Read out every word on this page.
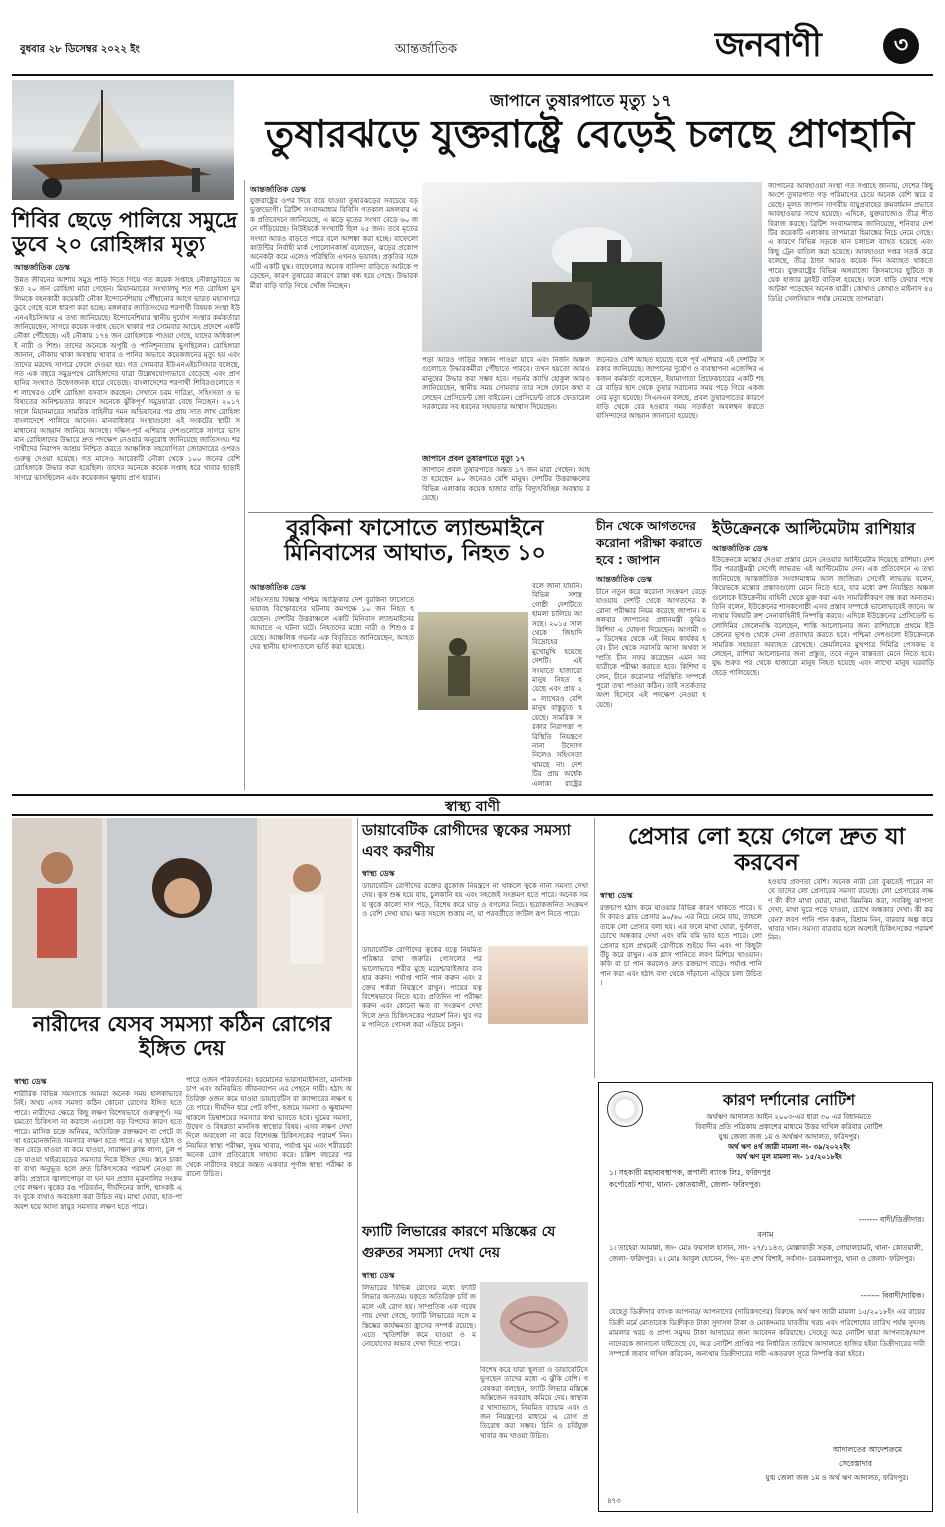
বুধবার ২৮ ডিসেম্বর ২০২২ ইং	আন্তর্জাতিক	জনবাণী	৩
জাপানে তুষারপাতে মৃত্যু ১৭
তুষারঝড়ে যুক্তরাষ্ট্রে বেড়েই চলছে প্রাণহানি
শিবির ছেড়ে পালিয়ে সমুদ্রে ডুবে ২০ রোহিঙ্গার মৃত্যু
আন্তর্জাতিক ডেস্ক
উন্নত জীবনের আশায় সমুদ্র পাড়ি দিতে গিয়ে গত কয়েক সপ্তাহে নৌকাডুবিতে অন্তত ২০ জন রোহিঙ্গা মারা গেছেন। মিয়ানমারের সংখ্যালঘু শত শত রোহিঙ্গা মুসলিমকে বহনকারী কয়েকটি নৌকা ইন্দোনেশিয়ায় পৌঁছানোর আগে ভারত মহাসাগরে ডুবে গেছে বলে ধারণা করা হচ্ছে। মঙ্গলবার জাতিসংঘের শরণার্থী বিষয়ক সংস্থা ইউএনএইচসিআর এ তথ্য জানিয়েছে। ইন্দোনেশিয়ার স্থানীয় দুর্যোগ সংস্থার কর্মকর্তারা জানিয়েছেন, সাগরে কয়েক সপ্তাহ ভেসে থাকার পর সোমবার আচেহ প্রদেশে একটি নৌকা পৌঁছেছে। এই নৌকায় ১৭৪ জন রোহিঙ্গাকে পাওয়া গেছে, যাদের অধিকাংশই নারী ও শিশু। তাদের অনেকে অপুষ্টি ও পানিশূন্যতায় ভুগছিলেন। রোহিঙ্গারা জানান, নৌকায় থাকা অবস্থায় খাবার ও পানির অভাবে কয়েকজনের মৃত্যু হয় এবং তাদের মরদেহ সাগরে ফেলে দেওয়া হয়। গত সোমবার ইউএনএইচসিআর বলেছে, গত এক বছরে সমুদ্রপথে রোহিঙ্গাদের যাত্রা উল্লেখযোগ্যভাবে বেড়েছে এবং প্রাণহানির সংখ্যাও উদ্বেগজনক হারে বেড়েছে। বাংলাদেশের শরণার্থী শিবিরগুলোতে দশ লাখেরও বেশি রোহিঙ্গা বসবাস করছেন। সেখানে চরম দারিদ্র্য, সহিংসতা ও ভবিষ্যতের অনিশ্চয়তার কারণে অনেকে ঝুঁকিপূর্ণ সমুদ্রযাত্রা বেছে নিচ্ছেন। ২০১৭ সালে মিয়ানমারের সামরিক বাহিনীর দমন অভিযানের পর প্রায় সাত লাখ রোহিঙ্গা বাংলাদেশে পালিয়ে আসেন। মানবাধিকার সংস্থাগুলো এই সংকটের স্থায়ী সমাধানের আহ্বান জানিয়ে আসছে। দক্ষিণ-পূর্ব এশিয়ার দেশগুলোকে সাগরে ভাসমান রোহিঙ্গাদের উদ্ধারে দ্রুত পদক্ষেপ নেওয়ার অনুরোধ জানিয়েছে জাতিসংঘ। শরণার্থীদের নিরাপদ আশ্রয় নিশ্চিত করতে আঞ্চলিক সহযোগিতা জোরদারের ওপরও গুরুত্ব দেওয়া হয়েছে। গত মাসেও আরেকটি নৌকা থেকে ১০০ জনের বেশি রোহিঙ্গাকে উদ্ধার করা হয়েছিল। তাদের অনেকে কয়েক সপ্তাহ ধরে খাবার ছাড়াই সাগরে ভাসছিলেন এবং কয়েকজন ক্ষুধায় প্রাণ হারান।
আন্তর্জাতিক ডেস্ক
যুক্তরাষ্ট্রের ওপর দিয়ে বয়ে যাওয়া তুষারঝড়ের সবচেয়ে বড় ভুক্তভোগী। ব্রিটিশ সংবাদমাধ্যম বিবিসি গতকাল মঙ্গলবার এক প্রতিবেদনে জানিয়েছে, এ ঝড়ে মৃতের সংখ্যা বেড়ে ৬০ জনে দাঁড়িয়েছে। নিউইয়র্কে সংখ্যাটি ছিল ২৫ জন। তবে মৃতের সংখ্যা আরও বাড়তে পারে বলে আশঙ্কা করা হচ্ছে। বাফেলো কাউন্টির নির্বাহী মার্ক পোলোনকার্জ বলেছেন, ঝড়ের প্রকোপ অনেকটা কমে এলেও পরিস্থিতি এখনও ভয়াবহ। প্রকৃতির সঙ্গে এটি একটি যুদ্ধ। বাফেলোর অনেক বাসিন্দা বাড়িতে আটকে পড়েছেন, কারণ তুষারের কারণে রাস্তা বন্ধ হয়ে গেছে। উদ্ধারকর্মীরা বাড়ি বাড়ি গিয়ে খোঁজ নিচ্ছেন।
পড়া আরও গাড়ির সন্ধান পাওয়া যাবে এবং নির্জন অঞ্চলগুলোতে উদ্ধারকর্মীরা পৌঁছাতে পারবে। তখন হয়তো আরও মানুষের উদ্ধার করা সম্ভব হবে। গভর্নর ক্যাথি হোকুল আরও জানিয়েছেন, স্থানীয় সময় সোমবার তার সঙ্গে ফোনে কথা বলেছেন প্রেসিডেন্ট জো বাইডেন। প্রেসিডেন্ট তাকে ফেডারেল সরকারের সব ধরনের সহায়তার আশ্বাস দিয়েছেন।
জাপানে প্রবল তুষারপাতে মৃত্যু ১৭
জাপানে প্রবল তুষারপাতে অন্তত ১৭ জন মারা গেছেন। আহত হয়েছেন ৯০ জনেরও বেশি মানুষ। দেশটির উত্তরাঞ্চলের বিভিন্ন এলাকায় কয়েক হাজার বাড়ি বিদ্যুৎবিচ্ছিন্ন অবস্থায় রয়েছে।
জনেরও বেশি আহত হয়েছে বলে পূর্ব এশিয়ার এই দেশটির সরকার জানিয়েছে। জাপানের দুর্যোগ ও ব্যবস্থাপনা এজেন্সির একজন কর্মকর্তা বলেছেন, ইয়ামাগাতা প্রিফেকচারের একটি শহরে বাড়ির ছাদ থেকে তুষার সরানোর সময় পড়ে গিয়ে একজনের মৃত্যু হয়েছে। সিএনএন বলছে, প্রবল তুষারপাতের কারণে বাড়ি থেকে বের হওয়ার সময় সতর্কতা অবলম্বন করতে বাসিন্দাদের আহ্বান জানানো হয়েছে।
জাপানের আবহাওয়া সংস্থা গত সপ্তাহে জানায়, দেশের কিছু অংশে তুষারপাত গড় পরিমাণের চেয়ে অনেক বেশি স্তরে রয়েছে। মূলত জাপান সাগরীয় বায়ুপ্রবাহের ক্রমবর্ধমান প্রভাবে আবহাওয়ার সাথে হয়েছে। এদিকে, যুক্তরাজ্যেও তীব্র শীত বিরাজ করছে। ব্রিটিশ সংবাদমাধ্যম জানিয়েছে, শনিবার দেশটির কয়েকটি এলাকায় তাপমাত্রা হিমাঙ্কের নিচে নেমে গেছে। এ কারণে বিভিন্ন সড়কে যান চলাচল ব্যাহত হয়েছে এবং কিছু ট্রেন বাতিল করা হয়েছে। আবহাওয়া দপ্তর সতর্ক করে বলেছে, তীব্র ঠান্ডা আরও কয়েক দিন অব্যাহত থাকতে পারে। যুক্তরাষ্ট্রের বিভিন্ন অঙ্গরাজ্যে ক্রিসমাসের ছুটিতে কয়েক হাজার ফ্লাইট বাতিল হয়েছে। ফলে বাড়ি ফেরার পথে আটকা পড়েছেন অনেক যাত্রী। কোথাও কোথাও মাইনাস ৪৫ ডিগ্রি সেলসিয়াস পর্যন্ত নেমেছে তাপমাত্রা।
বুরকিনা ফাসোতে ল্যান্ডমাইনে মিনিবাসের আঘাত, নিহত ১০
আন্তর্জাতিক ডেস্ক
সহিংসতায় বিধ্বস্ত পশ্চিম আফ্রিকার দেশ বুরকিনা ফাসোতে ভয়াবহ বিস্ফোরণের ঘটনায় কমপক্ষে ১০ জন নিহত হয়েছেন। দেশটির উত্তরাঞ্চলে একটি মিনিবাস ল্যান্ডমাইনের আঘাতে এ ঘটনা ঘটে। নিহতদের মধ্যে নারী ও শিশুও রয়েছে। আঞ্চলিক গভর্নর এক বিবৃতিতে জানিয়েছেন, আহতদের স্থানীয় হাসপাতালে ভর্তি করা হয়েছে।
বলে জানা যায়নি। বিভিন্ন সশস্ত্র গোষ্ঠী দেশটিতে হামলা চালিয়ে আসছে। ২০১৫ সাল থেকে জিহাদি বিদ্রোহের মুখোমুখি হয়েছে দেশটি। এই সংঘাতে হাজারো মানুষ নিহত হয়েছে এবং প্রায় ২০ লাখেরও বেশি মানুষ বাস্তুচ্যুত হয়েছে। সামরিক সরকার নিরাপত্তা পরিস্থিতি নিয়ন্ত্রণে নানা উদ্যোগ নিলেও সহিংসতা থামছে না। দেশটির প্রায় অর্ধেক এলাকা রাষ্ট্রের
চীন থেকে আগতদের করোনা পরীক্ষা করাতে হবে : জাপান
আন্তর্জাতিক ডেস্ক
চীনে নতুন করে করোনা সংক্রমণ বেড়ে যাওয়ায় দেশটি থেকে আগতদের করোনা পরীক্ষার নিয়ম করেছে জাপান। মঙ্গলবার জাপানের প্রধানমন্ত্রী ফুমিও কিশিদা এ ঘোষণা দিয়েছেন। আগামী ৩০ ডিসেম্বর থেকে এই নিয়ম কার্যকর হবে। চীন থেকে সরাসরি আসা অথবা সম্প্রতি চীন সফর করেছেন এমন সব যাত্রীকে পরীক্ষা করাতে হবে। কিশিদা বলেন, চীনে করোনার পরিস্থিতি সম্পর্কে পুরো তথ্য পাওয়া কঠিন। তাই সতর্কতার অংশ হিসেবে এই পদক্ষেপ নেওয়া হয়েছে।
ইউক্রেনকে আল্টিমেটাম রাশিয়ার
আন্তর্জাতিক ডেস্ক
ইউক্রেনকে মস্কোর দেওয়া প্রস্তাব মেনে নেওয়ার আল্টিমেটাম দিয়েছে রাশিয়া। দেশটির পররাষ্ট্রমন্ত্রী সের্গেই লাভরভ এই আল্টিমেটাম দেন। এক প্রতিবেদনে এ তথ্য জানিয়েছে আন্তর্জাতিক সংবাদমাধ্যম আল জাজিরা। সের্গেই লাভরভ বলেন, কিয়েভকে মস্কোর প্রস্তাবগুলো মেনে নিতে হবে, যার মধ্যে রুশ নিয়ন্ত্রিত অঞ্চলগুলোকে ইউক্রেনীয় বাহিনী থেকে মুক্ত করা এবং সামরিকীকরণ বন্ধ করা অন্যতম। তিনি বলেন, ইউক্রেনের শাসকগোষ্ঠী এসব প্রস্তাব সম্পর্কে ভালোভাবেই জানে। অন্যথায় বিষয়টি রুশ সেনাবাহিনীই নিষ্পত্তি করবে। এদিকে ইউক্রেনের প্রেসিডেন্ট ভলোদিমির জেলেনস্কি বলেছেন, শান্তি আলোচনার জন্য রাশিয়াকে প্রথমে ইউক্রেনের ভূখণ্ড থেকে সেনা প্রত্যাহার করতে হবে। পশ্চিমা দেশগুলো ইউক্রেনকে সামরিক সহায়তা অব্যাহত রেখেছে। ক্রেমলিনের মুখপাত্র দিমিত্রি পেসকভ বলেছেন, রাশিয়া আলোচনার জন্য প্রস্তুত, তবে নতুন বাস্তবতা মেনে নিতে হবে। যুদ্ধ শুরুর পর থেকে হাজারো মানুষ নিহত হয়েছে এবং লাখো মানুষ ঘরবাড়ি ছেড়ে পালিয়েছে।
স্বাস্থ্য বাণী
নারীদের যেসব সমস্যা কঠিন রোগের ইঙ্গিত দেয়
স্বাস্থ্য ডেস্ক
শারীরিক বিভিন্ন সমস্যাকে আমরা অনেক সময় হালকাভাবে নিই। অথচ এসব সমস্যা কঠিন কোনো রোগের ইঙ্গিত হতে পারে। নারীদের ক্ষেত্রে কিছু লক্ষণ বিশেষভাবে গুরুত্বপূর্ণ। সময়মতো চিকিৎসা না করালে এগুলো বড় বিপদের কারণ হতে পারে। মাসিক চক্রে অনিয়ম, অতিরিক্ত রক্তক্ষরণ বা পেটে ব্যথা হরমোনজনিত সমস্যার লক্ষণ হতে পারে। এ ছাড়া হঠাৎ ওজন বেড়ে যাওয়া বা কমে যাওয়া, সারাক্ষণ ক্লান্ত লাগা, চুল পড়ে যাওয়া থাইরয়েডের সমস্যার দিকে ইঙ্গিত দেয়। স্তনে চাকা বা ব্যথা অনুভূত হলে দ্রুত চিকিৎসকের পরামর্শ নেওয়া জরুরি। প্রস্রাবে জ্বালাপোড়া বা ঘন ঘন প্রস্রাব মূত্রনালির সংক্রমণের লক্ষণ। ত্বকের রঙ পরিবর্তন, দীর্ঘদিনের কাশি, শ্বাসকষ্ট এবং বুকে ব্যথাও অবহেলা করা উচিত নয়। মাথা ঘোরা, হাত-পা অবশ হয়ে আসা স্নায়ুর সমস্যার লক্ষণ হতে পারে।
পারে ওজন পরিবর্তনের। হরমোনের ভারসাম্যহীনতা, মানসিক চাপ এবং অনিয়মিত জীবনযাপন এর পেছনে দায়ী। হঠাৎ অতিরিক্ত ওজন কমে যাওয়া ডায়াবেটিস বা ক্যান্সারের লক্ষণ হতে পারে। দীর্ঘদিন ধরে পেট ফাঁপা, হজমে সমস্যা ও ক্ষুধামন্দা থাকলে ডিম্বাশয়ের সমস্যার কথা ভাবতে হবে। ঘুমের সমস্যা, উদ্বেগ ও বিষণ্ণতা মানসিক স্বাস্থ্যের বিষয়। এসব লক্ষণ দেখা দিলে অবহেলা না করে বিশেষজ্ঞ চিকিৎসকের পরামর্শ নিন। নিয়মিত স্বাস্থ্য পরীক্ষা, সুষম খাবার, পর্যাপ্ত ঘুম এবং শরীরচর্চা অনেক রোগ প্রতিরোধে সাহায্য করে। চল্লিশ বছরের পর থেকে নারীদের বছরে অন্তত একবার পূর্ণাঙ্গ স্বাস্থ্য পরীক্ষা করানো উচিত।
ডায়াবেটিক রোগীদের ত্বকের সমস্যা এবং করণীয়
স্বাস্থ্য ডেস্ক
ডায়াবেটিস রোগীদের রক্তের গ্লুকোজ নিয়ন্ত্রণে না থাকলে ত্বকে নানা সমস্যা দেখা দেয়। ত্বক শুষ্ক হয়ে যায়, চুলকানি হয় এবং সহজেই সংক্রমণ হতে পারে। অনেক সময় ত্বকে কালো দাগ পড়ে, বিশেষ করে ঘাড় ও বগলের নিচে। ছত্রাকজনিত সংক্রমণও বেশি দেখা যায়। ক্ষত সহজে শুকায় না, যা পরবর্তীতে জটিল রূপ নিতে পারে।
ডায়াবেটিক রোগীদের ত্বকের যত্নে নিয়মিত পরিষ্কার রাখা জরুরি। গোসলের পর ভালোভাবে শরীর মুছে ময়েশ্চারাইজার ব্যবহার করুন। পর্যাপ্ত পানি পান করুন এবং রক্তের শর্করা নিয়ন্ত্রণে রাখুন। পায়ের যত্ন বিশেষভাবে নিতে হবে। প্রতিদিন পা পরীক্ষা করুন এবং কোনো ক্ষত বা সংক্রমণ দেখা দিলে দ্রুত চিকিৎসকের পরামর্শ নিন। খুব গরম পানিতে গোসল করা এড়িয়ে চলুন।
ফ্যাটি লিভারের কারণে মস্তিষ্কের যে গুরুতর সমস্যা দেখা দেয়
স্বাস্থ্য ডেস্ক
লিভারের বিভিন্ন রোগের মধ্যে ফ্যাটি লিভার অন্যতম। যকৃতে অতিরিক্ত চর্বি জমলে এই রোগ হয়। সাম্প্রতিক এক গবেষণায় দেখা গেছে, ফ্যাটি লিভারের সঙ্গে মস্তিষ্কের কার্যক্ষমতা হ্রাসের সম্পর্ক রয়েছে। এতে স্মৃতিশক্তি কমে যাওয়া ও মনোযোগের অভাব দেখা দিতে পারে।
বিশেষ করে যারা স্থূলতা ও ডায়াবেটিসে ভুগছেন তাদের মধ্যে এ ঝুঁকি বেশি। গবেষকরা বলছেন, ফ্যাটি লিভার মস্তিষ্কে অক্সিজেন সরবরাহ কমিয়ে দেয়। স্বাস্থ্যকর খাদ্যাভ্যাস, নিয়মিত ব্যায়াম এবং ওজন নিয়ন্ত্রণের মাধ্যমে এ রোগ প্রতিরোধ করা সম্ভব। চিনি ও চর্বিযুক্ত খাবার কম খাওয়া উচিত।
প্রেসার লো হয়ে গেলে দ্রুত যা করবেন
স্বাস্থ্য ডেস্ক
রক্তচাপ হঠাৎ কমে যাওয়ার বিভিন্ন কারণ থাকতে পারে। যদি কারও ব্লাড প্রেসার ৯০/৬০ এর নিচে নেমে যায়, তাহলে তাকে লো প্রেসার বলা হয়। এর ফলে মাথা ঘোরা, দুর্বলতা, চোখে অন্ধকার দেখা এবং বমি বমি ভাব হতে পারে। লো প্রেসার হলে প্রথমেই রোগীকে শুইয়ে দিন এবং পা কিছুটা উঁচু করে রাখুন। এক গ্লাস পানিতে লবণ মিশিয়ে খাওয়ান। কফি বা চা পান করলেও দ্রুত রক্তচাপ বাড়ে। পর্যাপ্ত পানি পান করা এবং হঠাৎ বসা থেকে দাঁড়ানো এড়িয়ে চলা উচিত।
হওয়ার প্রবণতা বেশি। অনেক নারী তো বুঝতেই পারেন না যে তাদের লো প্রেসারের সমস্যা রয়েছে। লো প্রেসারের লক্ষণ কী কী? মাথা ঘোরা, মাথা ঝিমঝিম করা, সবকিছু ঝাপসা দেখা, মাথা ঘুরে পড়ে যাওয়া, চোখে অন্ধকার দেখা। কী করবেন? লবণ পানি পান করুন, বিশ্রাম নিন, বারবার অল্প করে খাবার খান। সমস্যা বারবার হলে অবশ্যই চিকিৎসকের পরামর্শ নিন।
কারণ দর্শানোর নোটিশ
অর্থঋণ আদালত আইন ২০০৩-এর ধারা ৩০ এর বিধানমতে
বিবাদীর প্রতি পত্রিকায় প্রকাশের মাধ্যমে উত্তর দাখিল করিবার নোটিশ
যুগ্ম জেলা জজ ১ম ও অর্থঋণ আদালত, ফরিদপুর।
অর্থ ঋণ ৪র্থ জারী মামলা নং- ৩৯/২০২২ইং
অর্থ ঋণ মূল মামলা নং- ১৫/২০১৮ইং
১। সহকারী মহাব্যবস্থাপক, রূপালী ব্যাংক লিঃ, ফরিদপুর কর্পোরেট শাখা, থানা- কোতয়ালী, জেলা- ফরিদপুর।
------- বাদী/ডিক্রীদার।
বনাম
১। তাহেরা আমান্না, জং- মোঃ ফয়সাল হাসান, সাং- ২৭/১১৪৩, মোল্লাবাড়ী সড়ক, গোয়ালচামট, থানা- কোতয়ালী, জেলা- ফরিদপুর। ২। মোঃ আবুল হোসেন, পিং- মৃত শেখ বিশাই, সর্বসাং- চরকমলাপুর, থানা ও জেলা- ফরিদপুর।
------- বিবাদী/দায়িক।
যেহেতু ডিক্রীদার ব্যাংক আপনার/ আপনাদের (দায়িকগণের) বিরুদ্ধে অর্থ ঋণ জারী মামলা ১৫/২০১৮ইং এর রায়ের ডিক্রী মর্মে মোতাবেক ডিক্রীকৃত টাকা সুদাসল টাকা ও মোকদ্দমার যাবতীয় খরচ এবং পরিশোধের তারিখ পর্যন্ত সুদসহ মামলার খরচ ও প্রাপ্য সমুদয় টাকা আদায়ের জন্য আবেদন করিয়াছে। সেহেতু অত্র নোটিশ দ্বারা আপনাকে/আপনাদেরকে জানানো যাইতেছে যে, অত্র নোটিশ প্রাপ্তির পর নির্ধারিত তারিখে আদালতে হাজির হইয়া ডিক্রীদারের দাবী সম্পর্কে জবাব দাখিল করিবেন, অন্যথায় ডিক্রীদারের দাবী একতরফা সূত্রে নিষ্পত্তি করা হইবে।
আদালতের আদেশক্রমে
সেরেস্তাদার
যুগ্ম জেলা জজ ১ম ও অর্থ ঋণ আদালত, ফরিদপুর।
৪৭৩
